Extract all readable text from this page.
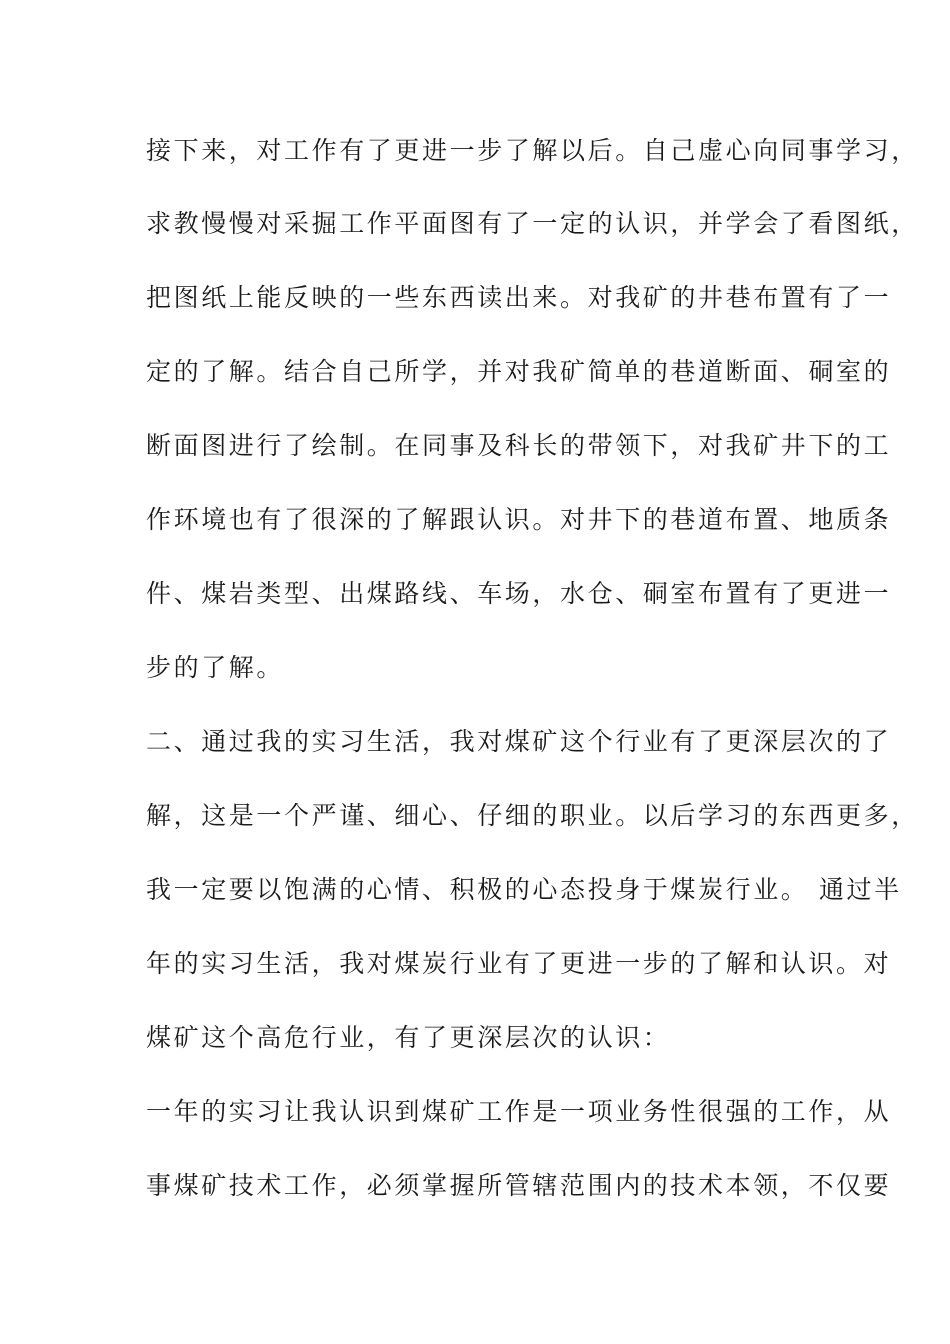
接下来，对工作有了更进一步了解以后。自己虚心向同事学习，
求教慢慢对采掘工作平面图有了一定的认识，并学会了看图纸，
把图纸上能反映的一些东西读出来。对我矿的井巷布置有了一
定的了解。结合自己所学，并对我矿简单的巷道断面、硐室的
断面图进行了绘制。在同事及科长的带领下，对我矿井下的工
作环境也有了很深的了解跟认识。对井下的巷道布置、地质条
件、煤岩类型、出煤路线、车场，水仓、硐室布置有了更进一
步的了解。
二、通过我的实习生活，我对煤矿这个行业有了更深层次的了
解，这是一个严谨、细心、仔细的职业。以后学习的东西更多，
我一定要以饱满的心情、积极的心态投身于煤炭行业。 通过半
年的实习生活，我对煤炭行业有了更进一步的了解和认识。对
煤矿这个高危行业，有了更深层次的认识：
一年的实习让我认识到煤矿工作是一项业务性很强的工作，从
事煤矿技术工作，必须掌握所管辖范围内的技术本领，不仅要
